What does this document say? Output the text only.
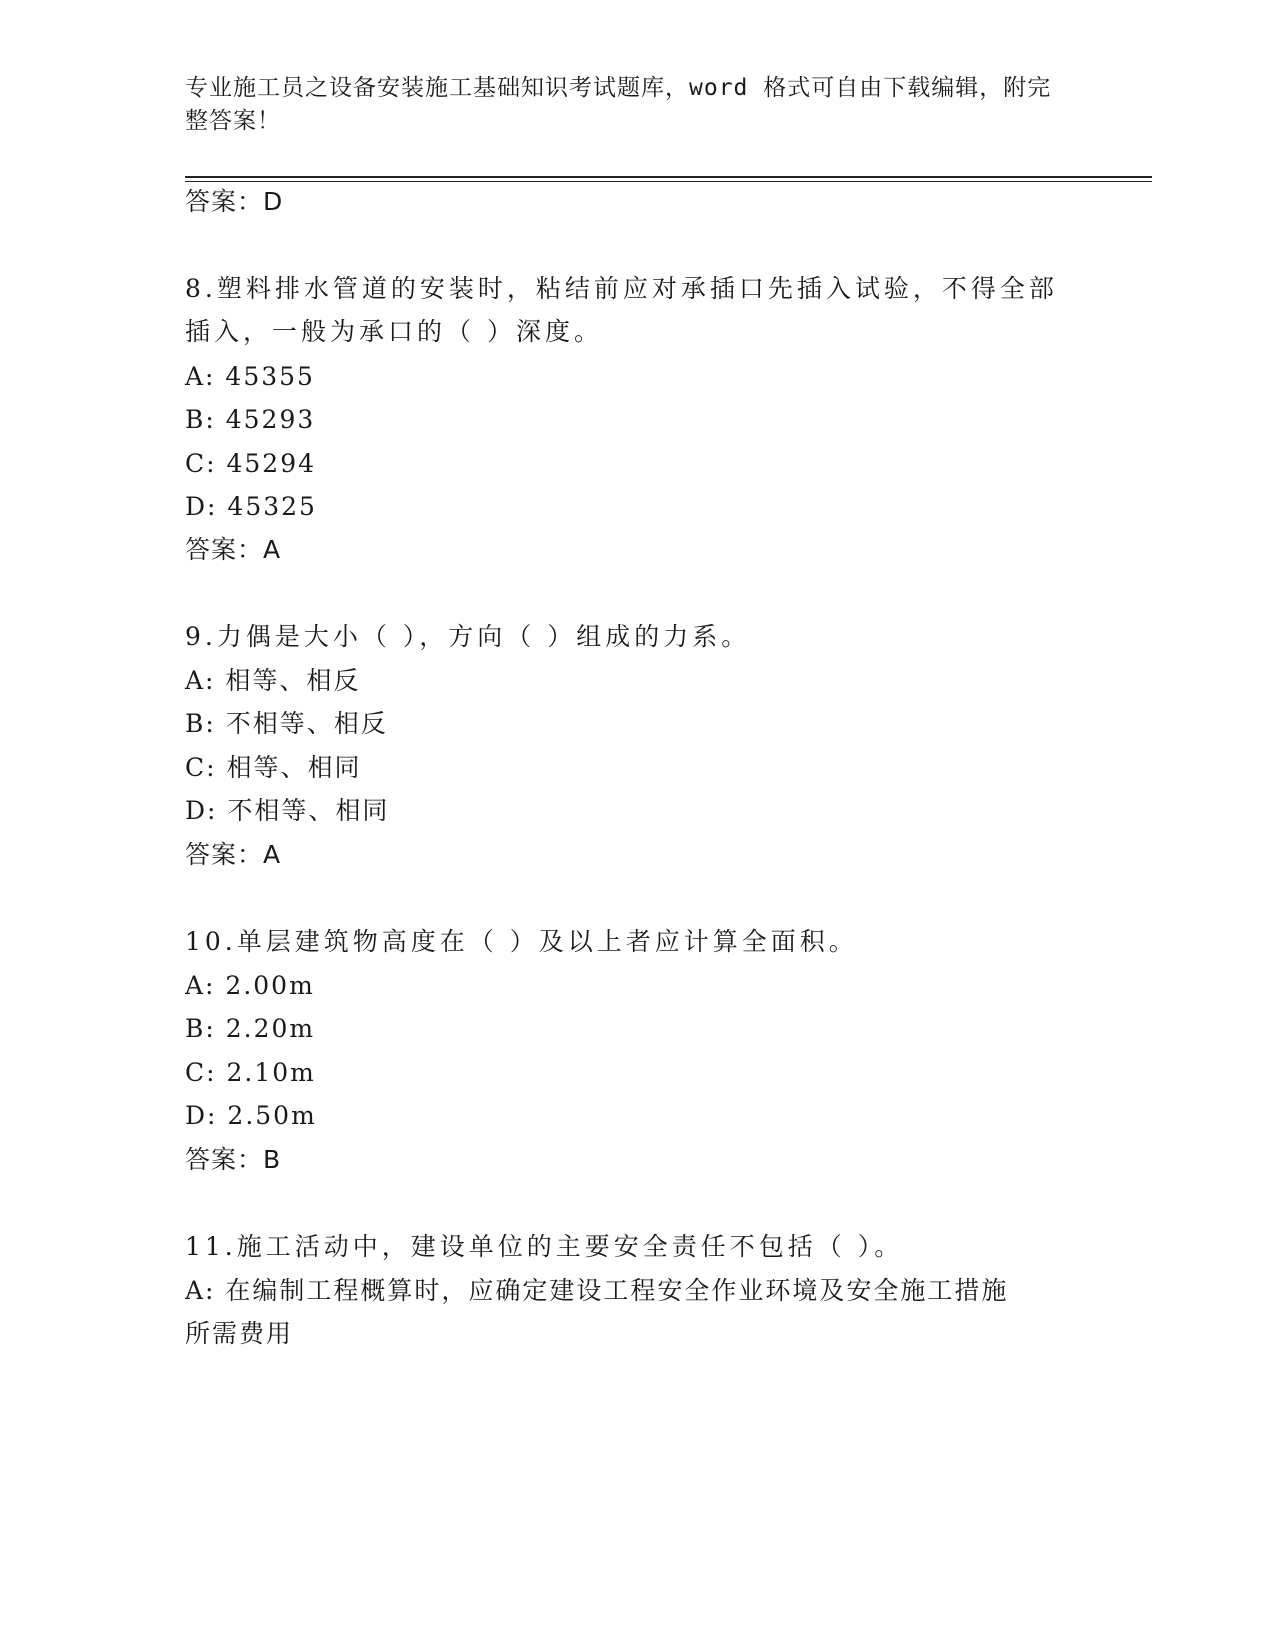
专业施工员之设备安装施工基础知识考试题库，word 格式可自由下载编辑，附完
整答案！
答案：D
8.塑料排水管道的安装时，粘结前应对承插口先插入试验，不得全部
插入，一般为承口的（ ）深度。
A: 45355
B: 45293
C: 45294
D: 45325
答案：A
9.力偶是大小（ ），方向（ ）组成的力系。
A: 相等、相反
B: 不相等、相反
C: 相等、相同
D: 不相等、相同
答案：A
10.单层建筑物高度在（ ）及以上者应计算全面积。
A: 2.00m
B: 2.20m
C: 2.10m
D: 2.50m
答案：B
11.施工活动中，建设单位的主要安全责任不包括（ ）。
A: 在编制工程概算时，应确定建设工程安全作业环境及安全施工措施
所需费用
